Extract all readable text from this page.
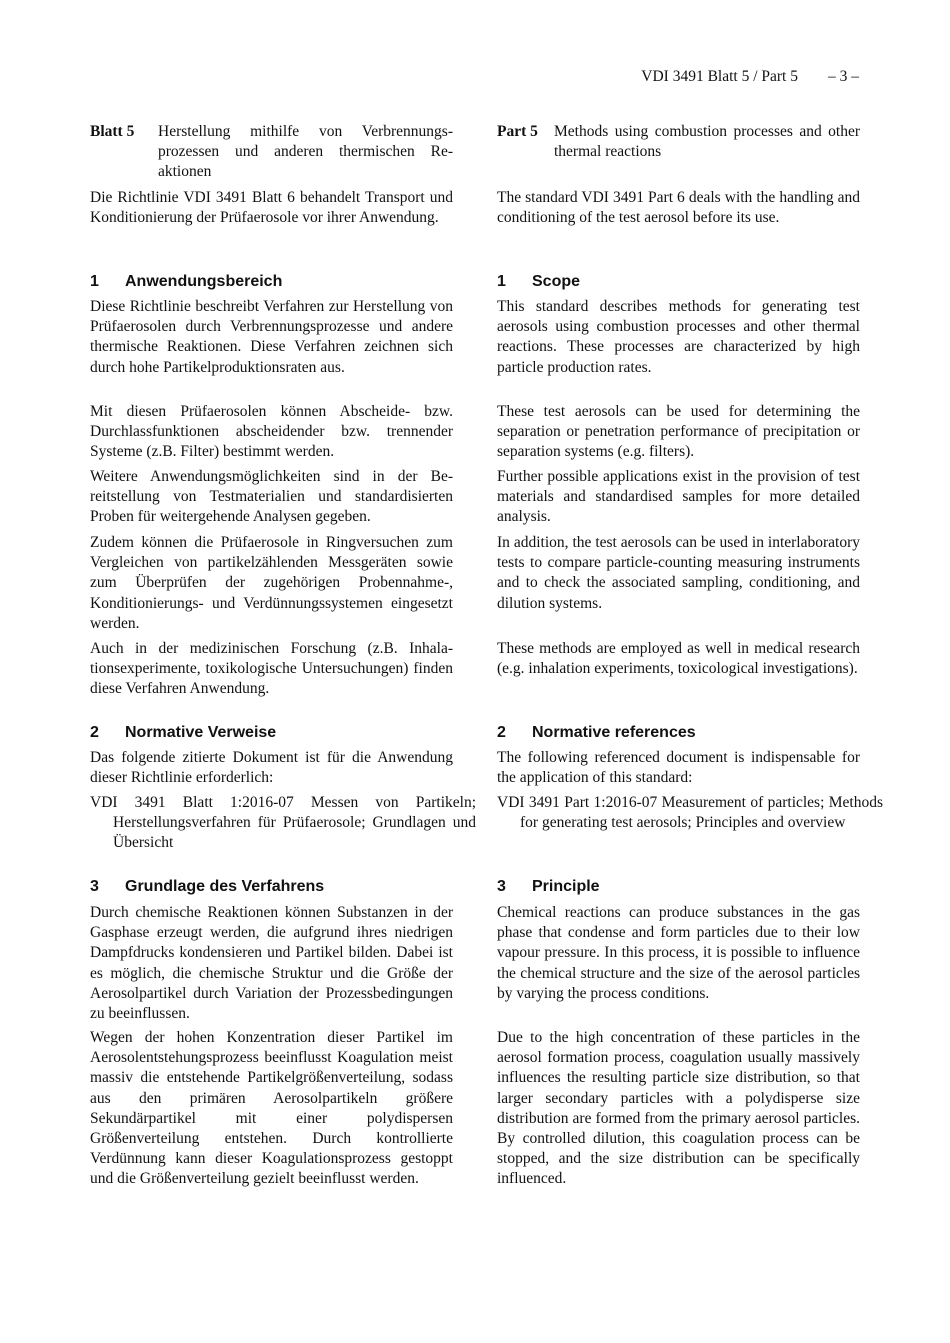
VDI 3491 Blatt 5 / Part 5 – 3 –
Blatt 5 Herstellung mithilfe von Verbrennungsprozessen und anderen thermischen Reaktionen

Die Richtlinie VDI 3491 Blatt 6 behandelt Transport und Konditionierung der Prüfaerosole vor ihrer Anwendung.

1 Anwendungsbereich

Diese Richtlinie beschreibt Verfahren zur Herstellung von Prüfaerosolen durch Verbrennungsprozesse und andere thermische Reaktionen. Diese Verfahren zeichnen sich durch hohe Partikelproduktionsraten aus.

Mit diesen Prüfaerosolen können Abscheide- bzw. Durchlassfunktionen abscheidender bzw. trennender Systeme (z.B. Filter) bestimmt werden.

Weitere Anwendungsmöglichkeiten sind in der Bereitstellung von Testmaterialien und standardisierten Proben für weitergehende Analysen gegeben.

Zudem können die Prüfaerosole in Ringversuchen zum Vergleichen von partikelzählenden Messgeräten sowie zum Überprüfen der zugehörigen Probennahme-, Konditionierungs- und Verdünnungssystemen eingesetzt werden.

Auch in der medizinischen Forschung (z.B. Inhalationsexperimente, toxikologische Untersuchungen) finden diese Verfahren Anwendung.

2 Normative Verweise

Das folgende zitierte Dokument ist für die Anwendung dieser Richtlinie erforderlich:

VDI 3491 Blatt 1:2016-07 Messen von Partikeln; Herstellungsverfahren für Prüfaerosole; Grundlagen und Übersicht

3 Grundlage des Verfahrens

Durch chemische Reaktionen können Substanzen in der Gasphase erzeugt werden, die aufgrund ihres niedrigen Dampfdrucks kondensieren und Partikel bilden. Dabei ist es möglich, die chemische Struktur und die Größe der Aerosolpartikel durch Variation der Prozessbedingungen zu beeinflussen.

Wegen der hohen Konzentration dieser Partikel im Aerosolentstehungsprozess beeinflusst Koagulation meist massiv die entstehende Partikelgrößenverteilung, sodass aus den primären Aerosolpartikeln größere Sekundärpartikel mit einer polydispersen Größenverteilung entstehen. Durch kontrollierte Verdünnung kann dieser Koagulationsprozess gestoppt und die Größenverteilung gezielt beeinflusst werden.

Part 5 Methods using combustion processes and other thermal reactions

The standard VDI 3491 Part 6 deals with the handling and conditioning of the test aerosol before its use.

1 Scope

This standard describes methods for generating test aerosols using combustion processes and other thermal reactions. These processes are characterized by high particle production rates.

These test aerosols can be used for determining the separation or penetration performance of precipitation or separation systems (e.g. filters).

Further possible applications exist in the provision of test materials and standardised samples for more detailed analysis.

In addition, the test aerosols can be used in interlaboratory tests to compare particle-counting measuring instruments and to check the associated sampling, conditioning, and dilution systems.

These methods are employed as well in medical research (e.g. inhalation experiments, toxicological investigations).

2 Normative references

The following referenced document is indispensable for the application of this standard:

VDI 3491 Part 1:2016-07 Measurement of particles; Methods for generating test aerosols; Principles and overview

3 Principle

Chemical reactions can produce substances in the gas phase that condense and form particles due to their low vapour pressure. In this process, it is possible to influence the chemical structure and the size of the aerosol particles by varying the process conditions.

Due to the high concentration of these particles in the aerosol formation process, coagulation usually massively influences the resulting particle size distribution, so that larger secondary particles with a polydisperse size distribution are formed from the primary aerosol particles. By controlled dilution, this coagulation process can be stopped, and the size distribution can be specifically influenced.
